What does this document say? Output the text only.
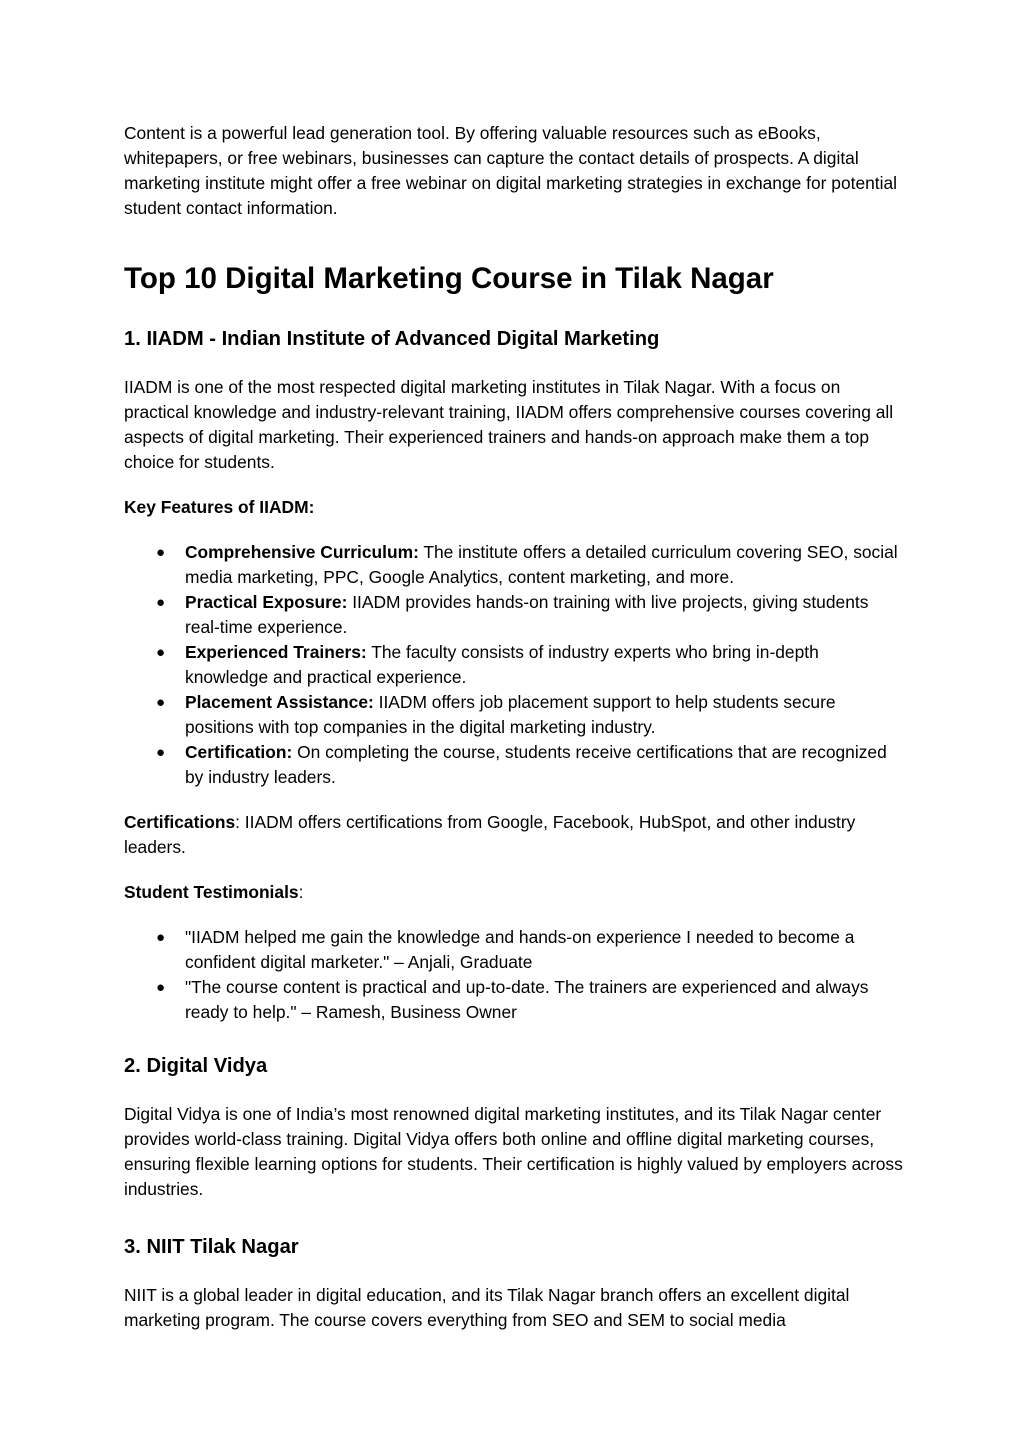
Content is a powerful lead generation tool. By offering valuable resources such as eBooks, whitepapers, or free webinars, businesses can capture the contact details of prospects. A digital marketing institute might offer a free webinar on digital marketing strategies in exchange for potential student contact information.

Top 10 Digital Marketing Course in Tilak Nagar
1. IIADM - Indian Institute of Advanced Digital Marketing

IIADM is one of the most respected digital marketing institutes in Tilak Nagar. With a focus on practical knowledge and industry-relevant training, IIADM offers comprehensive courses covering all aspects of digital marketing. Their experienced trainers and hands-on approach make them a top choice for students.

Key Features of IIADM:

● Comprehensive Curriculum: The institute offers a detailed curriculum covering SEO, social media marketing, PPC, Google Analytics, content marketing, and more.
● Practical Exposure: IIADM provides hands-on training with live projects, giving students real-time experience.
● Experienced Trainers: The faculty consists of industry experts who bring in-depth knowledge and practical experience.
● Placement Assistance: IIADM offers job placement support to help students secure positions with top companies in the digital marketing industry.
● Certification: On completing the course, students receive certifications that are recognized by industry leaders.

Certifications: IIADM offers certifications from Google, Facebook, HubSpot, and other industry leaders.

Student Testimonials:

● "IIADM helped me gain the knowledge and hands-on experience I needed to become a confident digital marketer." – Anjali, Graduate
● "The course content is practical and up-to-date. The trainers are experienced and always ready to help." – Ramesh, Business Owner
2. Digital Vidya

Digital Vidya is one of India’s most renowned digital marketing institutes, and its Tilak Nagar center provides world-class training. Digital Vidya offers both online and offline digital marketing courses, ensuring flexible learning options for students. Their certification is highly valued by employers across industries.

3. NIIT Tilak Nagar

NIIT is a global leader in digital education, and its Tilak Nagar branch offers an excellent digital marketing program. The course covers everything from SEO and SEM to social media
